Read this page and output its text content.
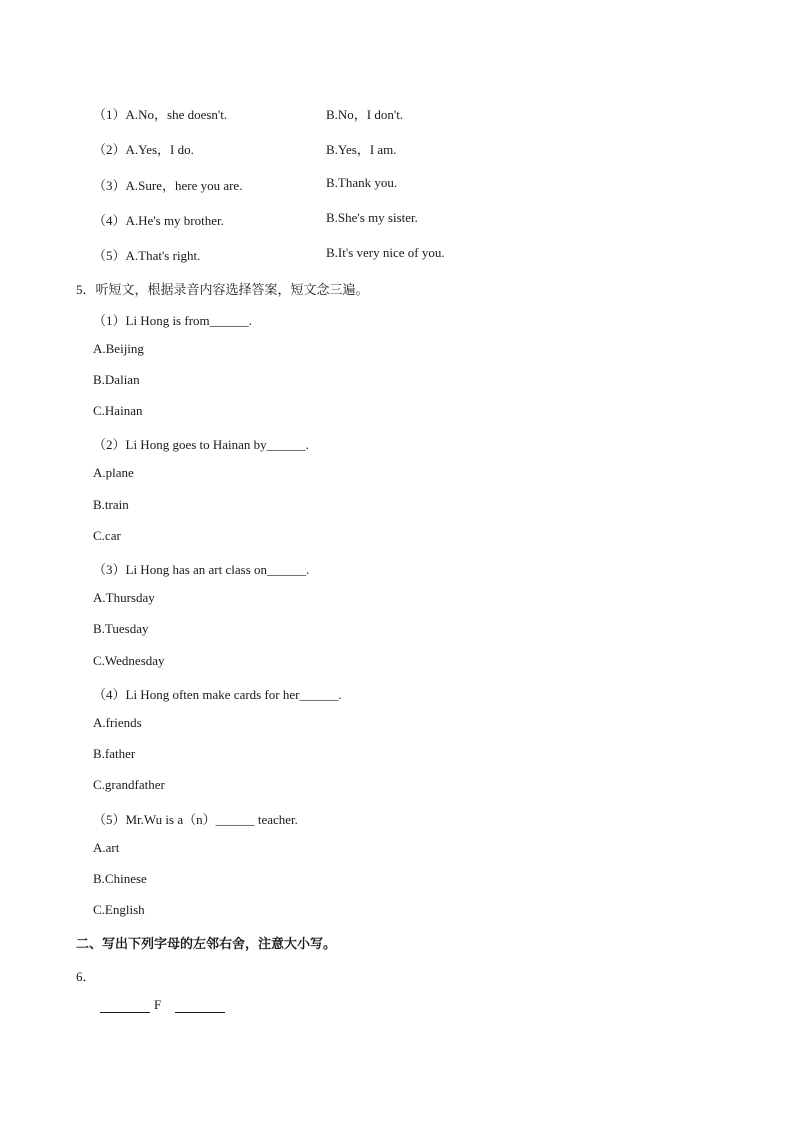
（1）A.No，she doesn't.	B.No，I don't.
（2）A.Yes，I do.	B.Yes，I am.
（3）A.Sure，here you are.	B.Thank you.
（4）A.He's my brother.	B.She's my sister.
（5）A.That's right.	B.It's very nice of you.
5．听短文，根据录音内容选择答案，短文念三遍。
（1）Li Hong is from______.
A.Beijing
B.Dalian
C.Hainan
（2）Li Hong goes to Hainan by______.
A.plane
B.train
C.car
（3）Li Hong has an art class on______.
A.Thursday
B.Tuesday
C.Wednesday
（4）Li Hong often make cards for her______.
A.friends
B.father
C.grandfather
（5）Mr.Wu is a（n）______ teacher.
A.art
B.Chinese
C.English
二、写出下列字母的左邻右舍，注意大小写。
6．
F
